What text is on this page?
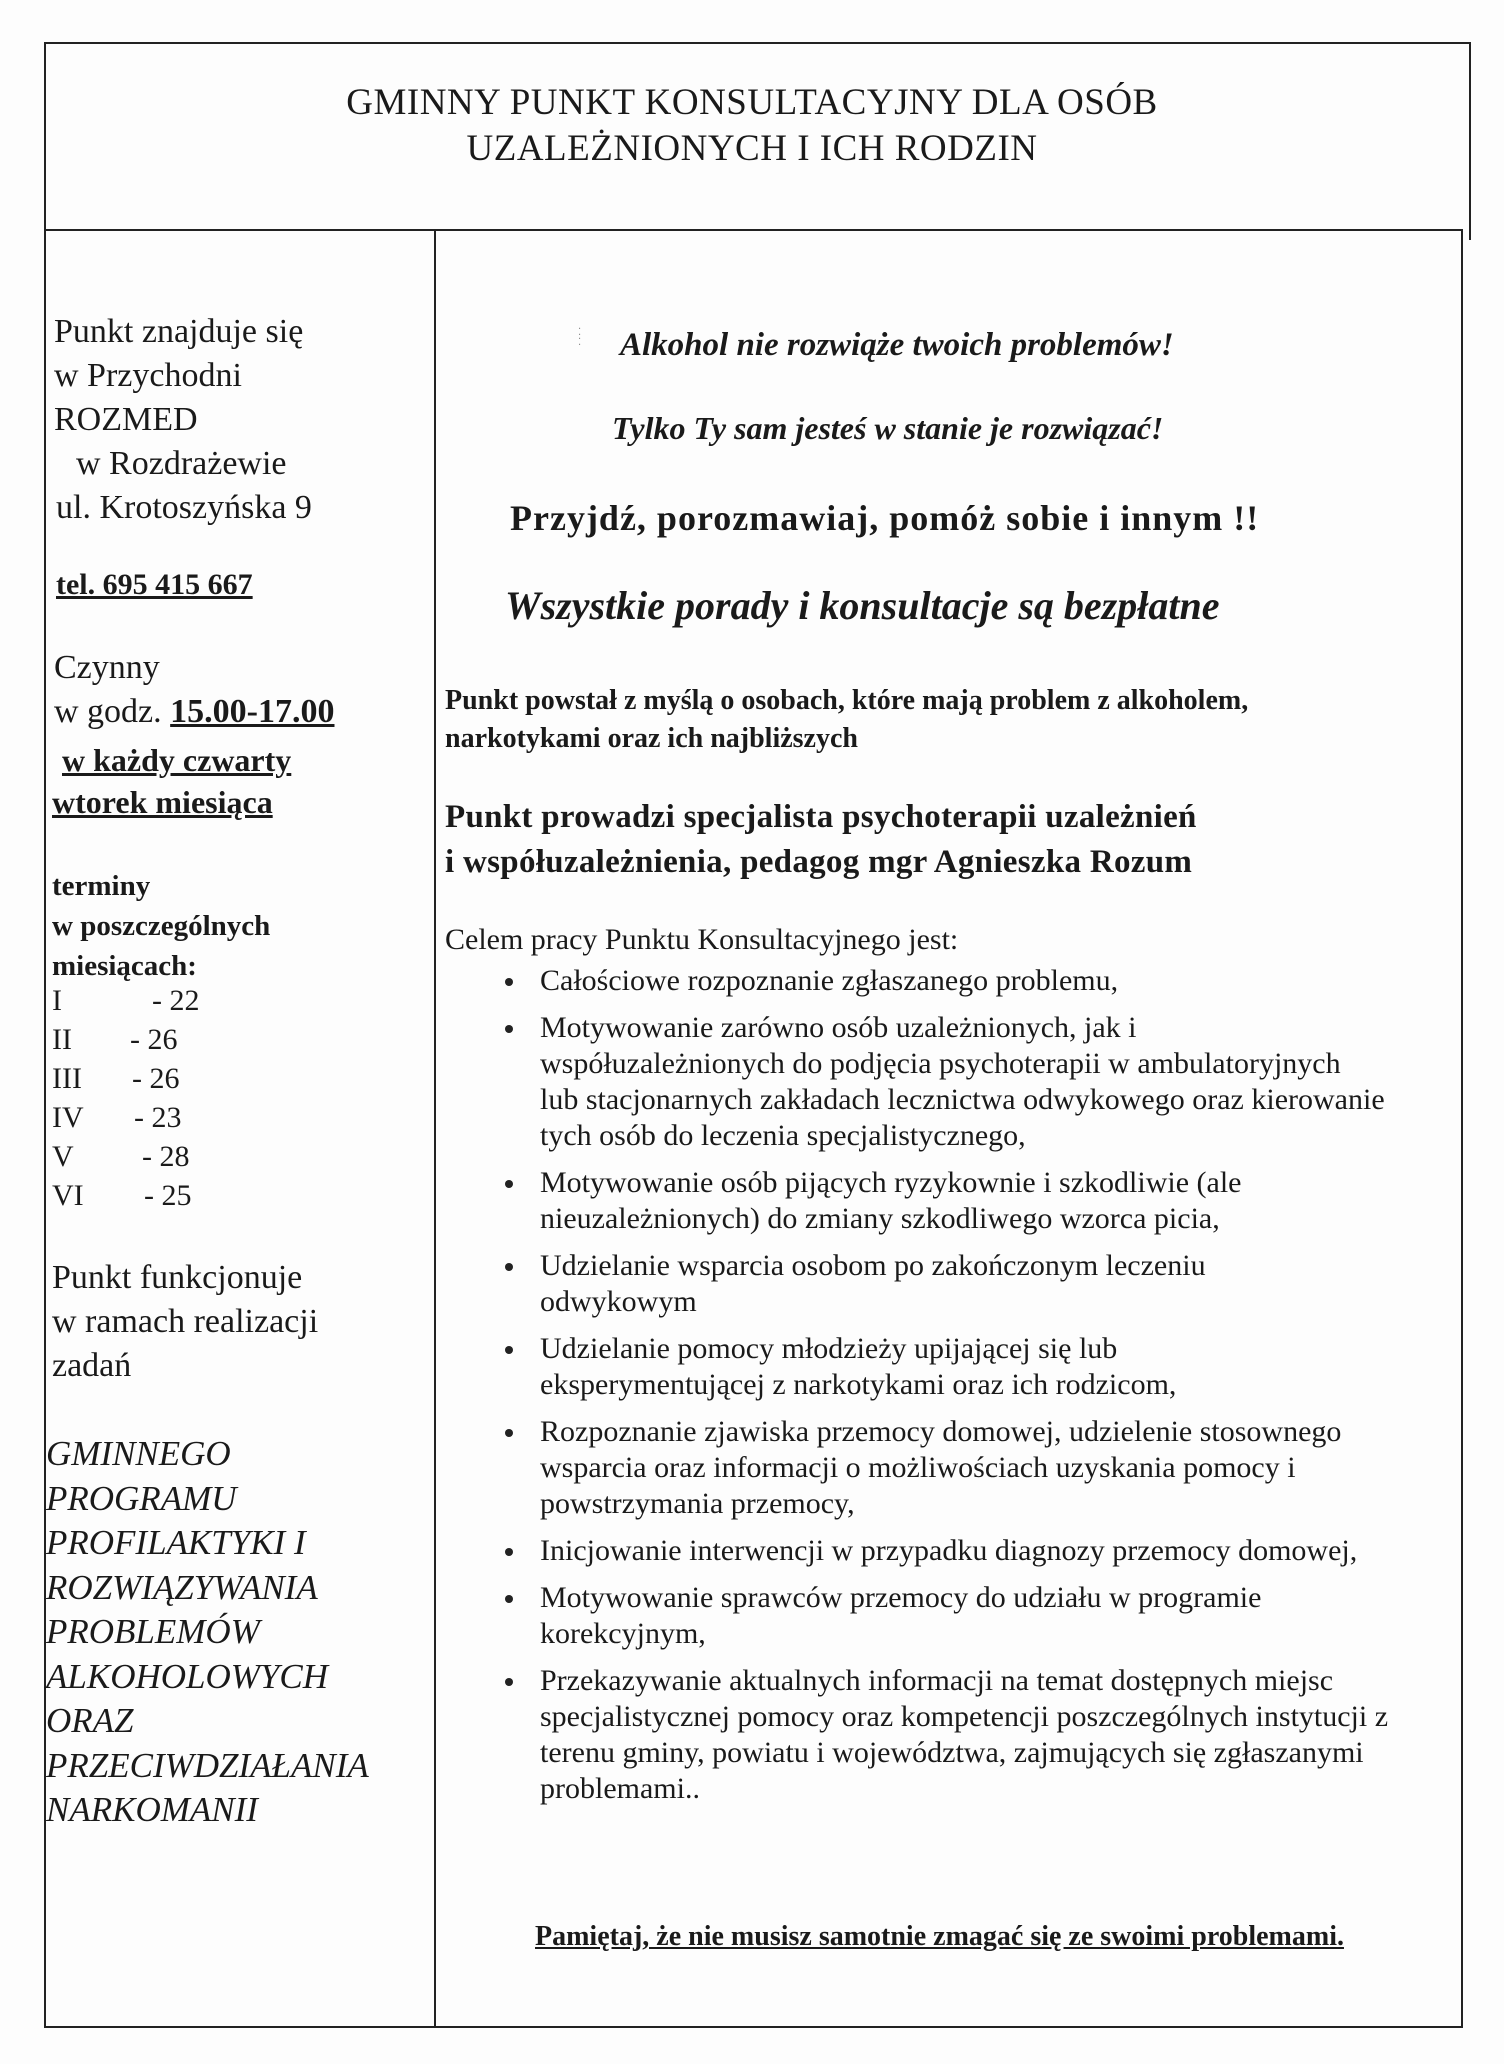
GMINNY PUNKT KONSULTACYJNY DLA OSÓB
UZALEŻNIONYCH I ICH RODZIN
Punkt znajduje się
w Przychodni
ROZMED
w Rozdrażewie
ul. Krotoszyńska 9
tel. 695 415 667
Czynny
w godz. 15.00-17.00
w każdy czwarty
wtorek miesiąca
terminy
w poszczególnych
miesiącach:
I	- 22
II - 26
III - 26
IV - 23
V - 28
VI - 25
Punkt funkcjonuje
w ramach realizacji
zadań
GMINNEGO
PROGRAMU
PROFILAKTYKI I
ROZWIĄZYWANIA
PROBLEMÓW
ALKOHOLOWYCH
ORAZ
PRZECIWDZIAŁANIA
NARKOMANII
⁚
⁚ Alkohol nie rozwiąże twoich problemów!
Tylko Ty sam jesteś w stanie je rozwiązać!
Przyjdź, porozmawiaj, pomóż sobie i innym !!
Wszystkie porady i konsultacje są bezpłatne
Punkt powstał z myślą o osobach, które mają problem z alkoholem,
narkotykami oraz ich najbliższych
Punkt prowadzi specjalista psychoterapii uzależnień
i współuzależnienia, pedagog mgr Agnieszka Rozum
Celem pracy Punktu Konsultacyjnego jest:
Całościowe rozpoznanie zgłaszanego problemu,
Motywowanie zarówno osób uzależnionych, jak i współuzależnionych do podjęcia psychoterapii w ambulatoryjnych lub stacjonarnych zakładach lecznictwa odwykowego oraz kierowanie tych osób do leczenia specjalistycznego,
Motywowanie osób pijących ryzykownie i szkodliwie (ale nieuzależnionych) do zmiany szkodliwego wzorca picia,
Udzielanie wsparcia osobom po zakończonym leczeniu odwykowym
Udzielanie pomocy młodzieży upijającej się lub eksperymentującej z narkotykami oraz ich rodzicom,
Rozpoznanie zjawiska przemocy domowej, udzielenie stosownego wsparcia oraz informacji o możliwościach uzyskania pomocy i powstrzymania przemocy,
Inicjowanie interwencji w przypadku diagnozy przemocy domowej,
Motywowanie sprawców przemocy do udziału w programie korekcyjnym,
Przekazywanie aktualnych informacji na temat dostępnych miejsc specjalistycznej pomocy oraz kompetencji poszczególnych instytucji z terenu gminy, powiatu i województwa, zajmujących się zgłaszanymi problemami..
Pamiętaj, że nie musisz samotnie zmagać się ze swoimi problemami.
